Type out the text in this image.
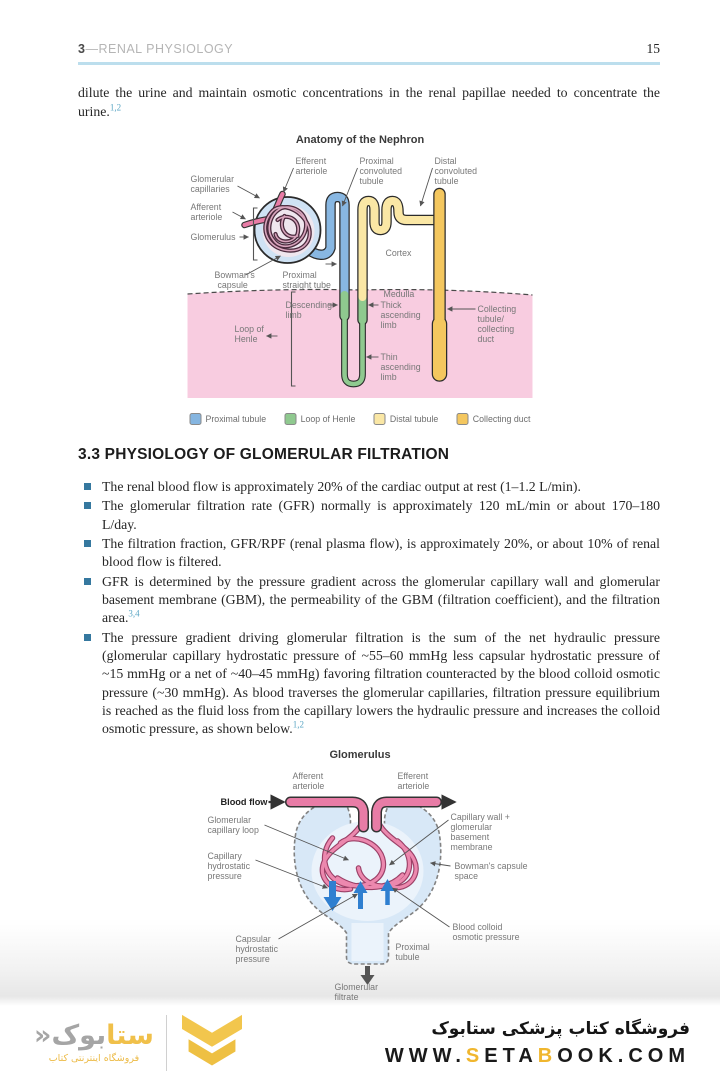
3—RENAL PHYSIOLOGY	15
dilute the urine and maintain osmotic concentrations in the renal papillae needed to concentrate the urine.$^{1,2}$
Anatomy of the Nephron
Efferent arteriole
Proximal convoluted tubule
Distal convoluted tubule
Glomerular capillaries
Afferent arteriole
Glomerulus
Bowman's capsule
Proximal straight tube
Cortex
Medulla
Descending limb
Thick ascending limb
Loop of Henle
Thin ascending limb
Collecting tubule/ collecting duct
Proximal tubule	Loop of Henle	Distal tubule	Collecting duct
3.3 PHYSIOLOGY OF GLOMERULAR FILTRATION
The renal blood flow is approximately 20% of the cardiac output at rest (1–1.2 L/min).
The glomerular filtration rate (GFR) normally is approximately 120 mL/min or about 170–180 L/day.
The filtration fraction, GFR/RPF (renal plasma flow), is approximately 20%, or about 10% of renal blood flow is filtered.
GFR is determined by the pressure gradient across the glomerular capillary wall and glomerular basement membrane (GBM), the permeability of the GBM (filtration coefficient), and the filtration area.$^{3,4}$
The pressure gradient driving glomerular filtration is the sum of the net hydraulic pressure (glomerular capillary hydrostatic pressure of ~55–60 mmHg less capsular hydrostatic pressure of ~15 mmHg or a net of ~40–45 mmHg) favoring filtration counteracted by the blood colloid osmotic pressure (~30 mmHg). As blood traverses the glomerular capillaries, filtration pressure equilibrium is reached as the fluid loss from the capillary lowers the hydraulic pressure and increases the colloid osmotic pressure, as shown below.$^{1,2}$
Glomerulus
Afferent arteriole
Efferent arteriole
Blood flow
Glomerular capillary loop
Capillary hydrostatic pressure
Capsular hydrostatic pressure
Capillary wall + glomerular basement membrane
Bowman's capsule space
Blood colloid osmotic pressure
Proximal tubule
Glomerular filtrate
ستابوک«
فروشگاه اینترنتی کتاب
فروشگاه کتاب پزشکی ستابوک
WWW.SETABOOK.COM
